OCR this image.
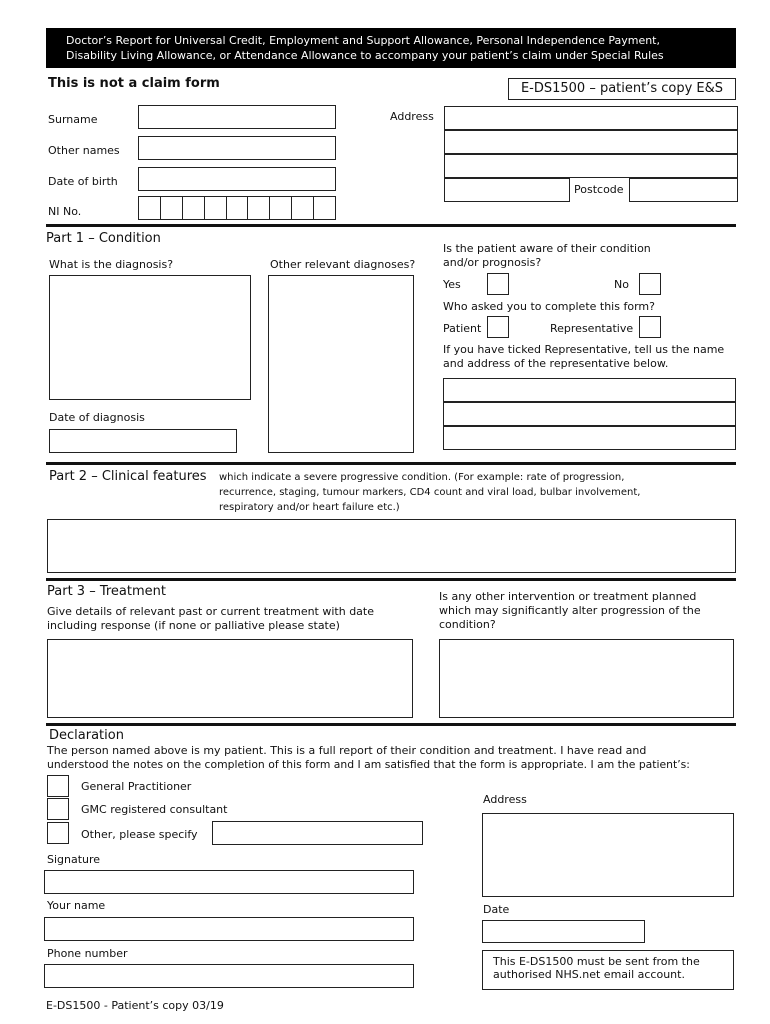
Doctor’s Report for Universal Credit, Employment and Support Allowance, Personal Independence Payment,
Disability Living Allowance, or Attendance Allowance to accompany your patient’s claim under Special Rules
This is not a claim form	E-DS1500 – patient’s copy E&S
Surname
Other names
Date of birth
NI No.
Address
Postcode
Part 1 – Condition
What is the diagnosis?
Date of diagnosis
Other relevant diagnoses?
Is the patient aware of their condition
and/or prognosis?
Yes	No
Who asked you to complete this form?
Patient	Representative
If you have ticked Representative, tell us the name
and address of the representative below.
Part 2 – Clinical features which indicate a severe progressive condition. (For example: rate of progression,
recurrence, staging, tumour markers, CD4 count and viral load, bulbar involvement,
respiratory and/or heart failure etc.)
Part 3 – Treatment
Give details of relevant past or current treatment with date
including response (if none or palliative please state)
Is any other intervention or treatment planned
which may significantly alter progression of the
condition?
Declaration
The person named above is my patient. This is a full report of their condition and treatment. I have read and
understood the notes on the completion of this form and I am satisfied that the form is appropriate. I am the patient’s:
General Practitioner
GMC registered consultant
Other, please specify
Signature
Your name
Phone number
Address
Date
This E-DS1500 must be sent from the
authorised NHS.net email account.
E-DS1500 - Patient’s copy 03/19
